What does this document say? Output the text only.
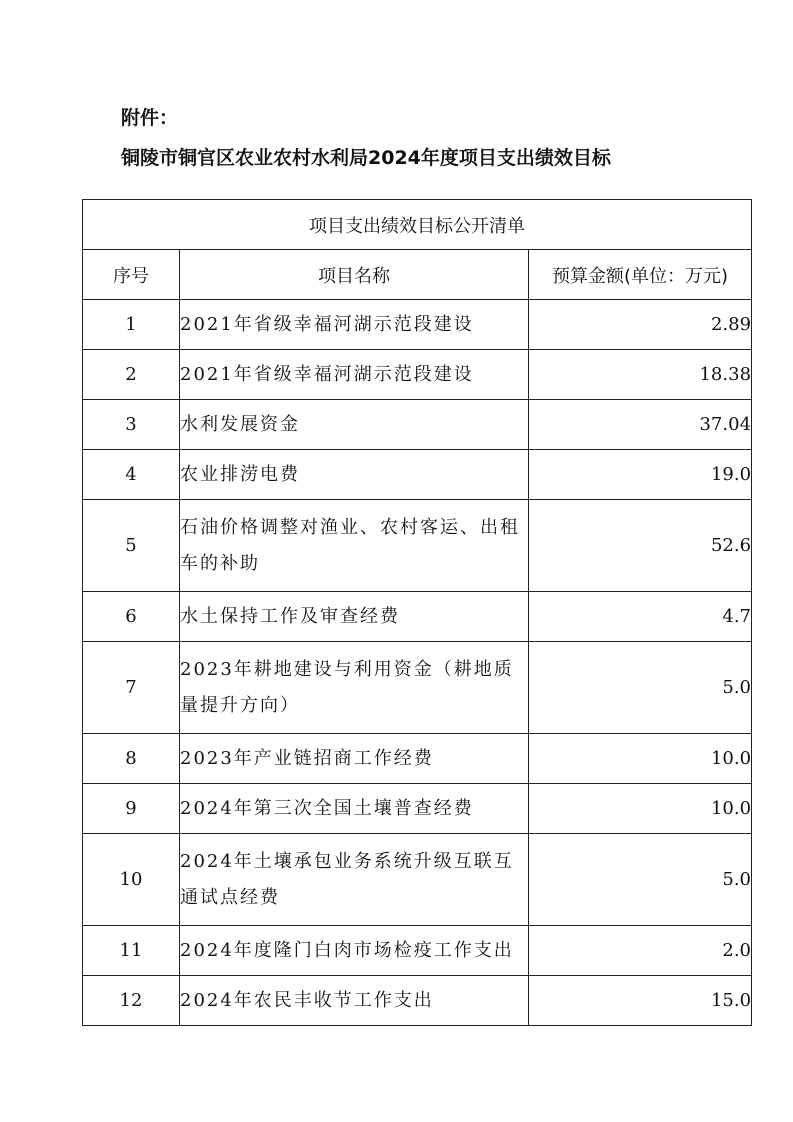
附件：
铜陵市铜官区农业农村水利局2024年度项目支出绩效目标
项目支出绩效目标公开清单		
序号	项目名称	预算金额(单位：万元)
1	2021年省级幸福河湖示范段建设	2.89
2	2021年省级幸福河湖示范段建设	18.38
3	水利发展资金	37.04
4	农业排涝电费	19.0
5	石油价格调整对渔业、农村客运、出租车的补助	52.6
6	水土保持工作及审查经费	4.7
7	2023年耕地建设与利用资金（耕地质量提升方向）	5.0
8	2023年产业链招商工作经费	10.0
9	2024年第三次全国土壤普查经费	10.0
10	2024年土壤承包业务系统升级互联互通试点经费	5.0
11	2024年度隆门白肉市场检疫工作支出	2.0
12	2024年农民丰收节工作支出	15.0
